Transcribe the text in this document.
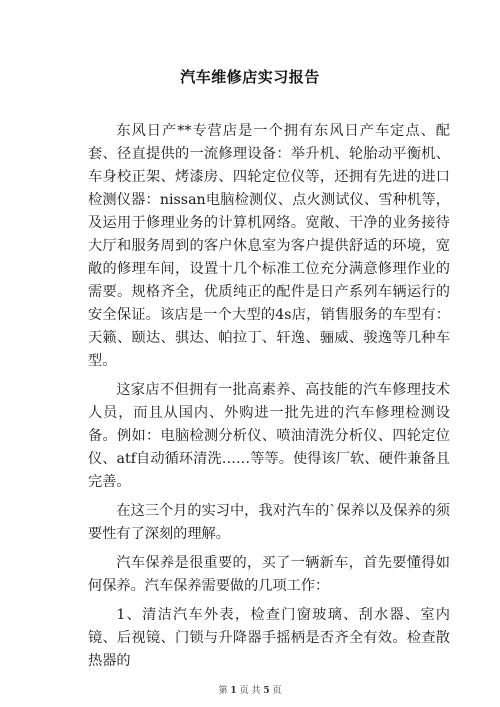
汽车维修店实习报告

东风日产**专营店是一个拥有东风日产车定点、配套、径直提供的一流修理设备：举升机、轮胎动平衡机、车身校正架、烤漆房、四轮定位仪等，还拥有先进的进口检测仪器：nissan电脑检测仪、点火测试仪、雪种机等，及运用于修理业务的计算机网络。宽敞、干净的业务接待大厅和服务周到的客户休息室为客户提供舒适的环境，宽敞的修理车间，设置十几个标准工位充分满意修理作业的需要。规格齐全，优质纯正的配件是日产系列车辆运行的安全保证。该店是一个大型的4s店，销售服务的车型有：天籁、颐达、骐达、帕拉丁、轩逸、骊威、骏逸等几种车型。

这家店不但拥有一批高素养、高技能的汽车修理技术人员，而且从国内、外购进一批先进的汽车修理检测设备。例如：电脑检测分析仪、喷油清洗分析仪、四轮定位仪、atf自动循环清洗……等等。使得该厂软、硬件兼备且完善。

在这三个月的实习中，我对汽车的`保养以及保养的须要性有了深刻的理解。

汽车保养是很重要的，买了一辆新车，首先要懂得如何保养。汽车保养需要做的几项工作：

1、清洁汽车外表，检查门窗玻璃、刮水器、室内镜、后视镜、门锁与升降器手摇柄是否齐全有效。检查散热器的

第 1 页 共 5 页
